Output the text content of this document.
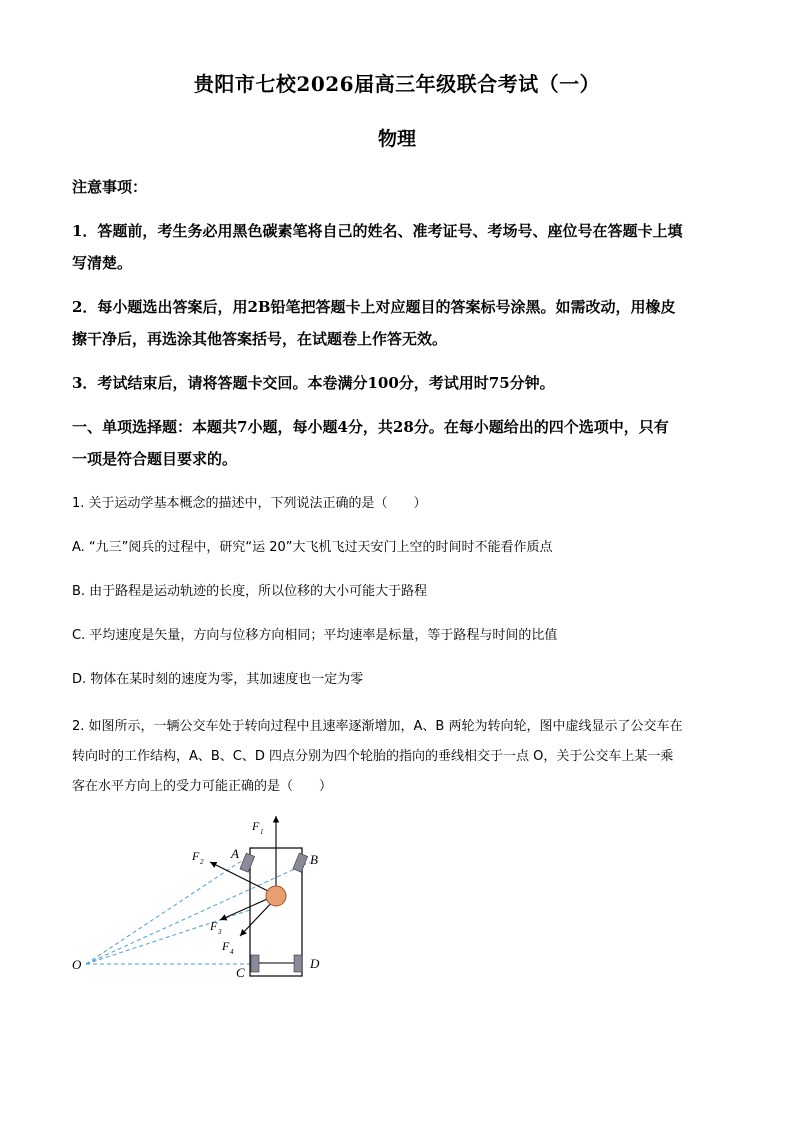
贵阳市七校2026届高三年级联合考试（一）
物理
注意事项：
1．答题前，考生务必用黑色碳素笔将自己的姓名、准考证号、考场号、座位号在答题卡上填
写清楚。
2．每小题选出答案后，用2B铅笔把答题卡上对应题目的答案标号涂黑。如需改动，用橡皮
擦干净后，再选涂其他答案括号，在试题卷上作答无效。
3．考试结束后，请将答题卡交回。本卷满分100分，考试用时75分钟。
一、单项选择题：本题共7小题，每小题4分，共28分。在每小题给出的四个选项中，只有
一项是符合题目要求的。
1. 关于运动学基本概念的描述中，下列说法正确的是（　　）
A. “九三”阅兵的过程中，研究“运 20”大飞机飞过天安门上空的时间时不能看作质点
B. 由于路程是运动轨迹的长度，所以位移的大小可能大于路程
C. 平均速度是矢量，方向与位移方向相同；平均速率是标量，等于路程与时间的比值
D. 物体在某时刻的速度为零，其加速度也一定为零
2. 如图所示，一辆公交车处于转向过程中且速率逐渐增加，A、B 两轮为转向轮，图中虚线显示了公交车在
转向时的工作结构，A、B、C、D 四点分别为四个轮胎的指向的垂线相交于一点 O，关于公交车上某一乘
客在水平方向上的受力可能正确的是（　　）
O
A	B
C
D
F 1
F 2
F 3
F 4
